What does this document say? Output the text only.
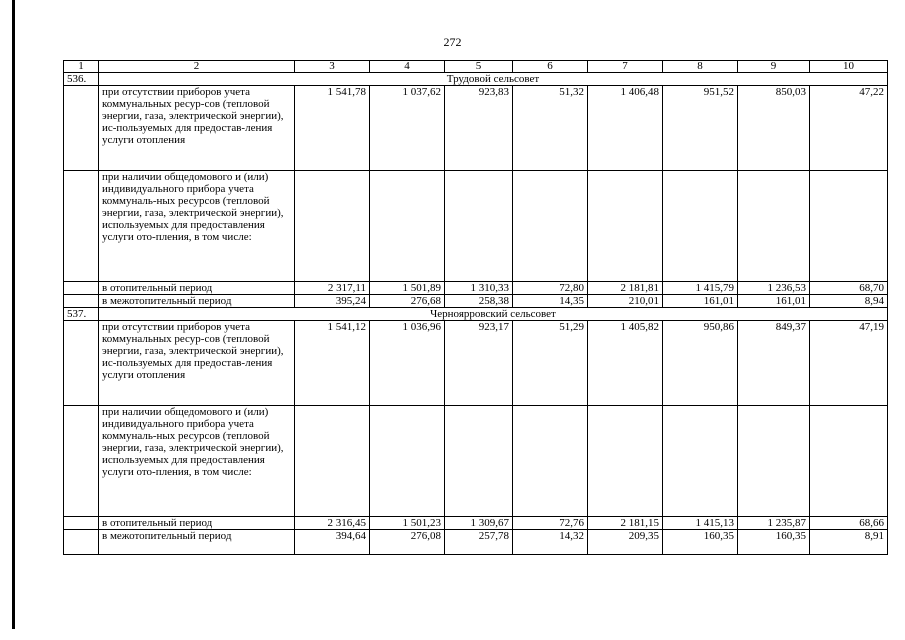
272
1	2	3	4	5	6	7	8	9	10
536.	Трудовой сельсовет								
	при отсутствии приборов учета коммунальных ресур-сов (тепловой энергии, газа, электрической энергии), ис-пользуемых для предостав-ления услуги отопления	1 541,78	1 037,62	923,83	51,32	1 406,48	951,52	850,03	47,22
	при наличии общедомового и (или) индивидуального прибора учета коммуналь-ных ресурсов (тепловой энергии, газа, электрической энергии), используемых для предоставления услуги ото-пления, в том числе:								
	в отопительный период	2 317,11	1 501,89	1 310,33	72,80	2 181,81	1 415,79	1 236,53	68,70
	в межотопительный период	395,24	276,68	258,38	14,35	210,01	161,01	161,01	8,94
537.	Черноярровский сельсовет								
	при отсутствии приборов учета коммунальных ресур-сов (тепловой энергии, газа, электрической энергии), ис-пользуемых для предостав-ления услуги отопления	1 541,12	1 036,96	923,17	51,29	1 405,82	950,86	849,37	47,19
	при наличии общедомового и (или) индивидуального прибора учета коммуналь-ных ресурсов (тепловой энергии, газа, электрической энергии), используемых для предоставления услуги ото-пления, в том числе:								
	в отопительный период	2 316,45	1 501,23	1 309,67	72,76	2 181,15	1 415,13	1 235,87	68,66
	в межотопительный период	394,64	276,08	257,78	14,32	209,35	160,35	160,35	8,91
